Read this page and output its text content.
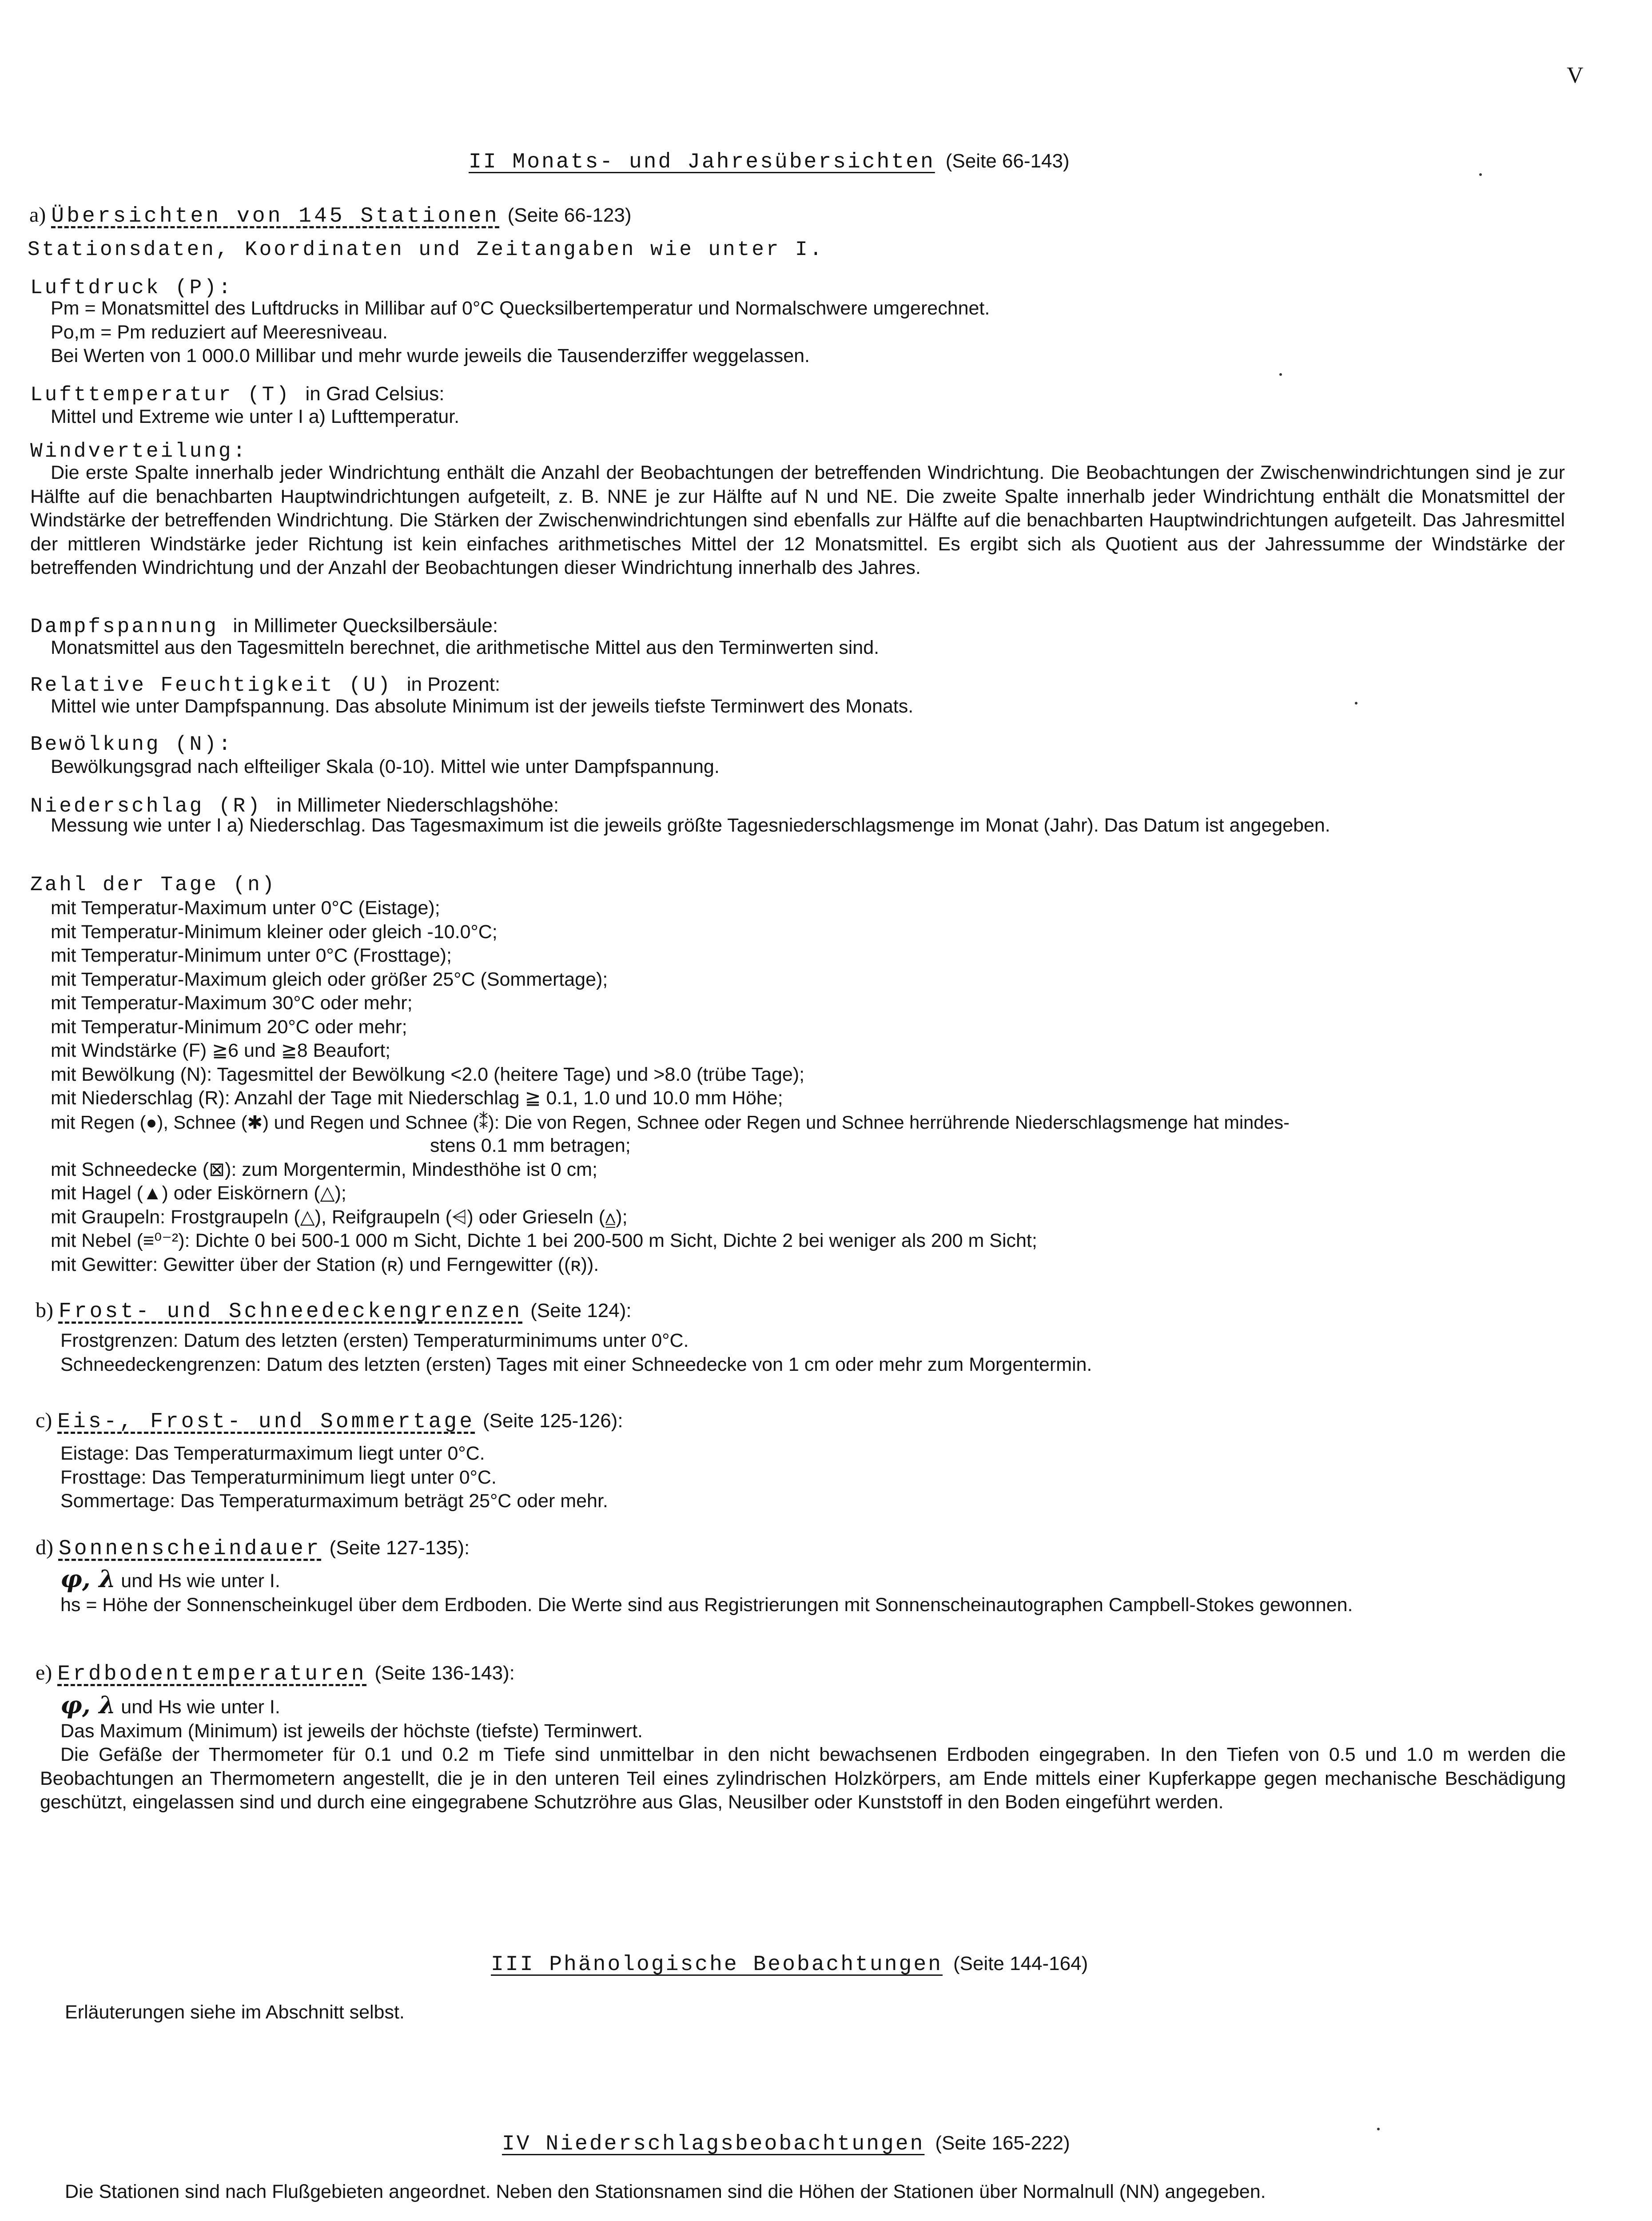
V
II Monats- und Jahresübersichten (Seite 66-143)
a) Übersichten von 145 Stationen (Seite 66-123)
Stationsdaten, Koordinaten und Zeitangaben wie unter I.
Luftdruck (P):
Pm = Monatsmittel des Luftdrucks in Millibar auf 0°C Quecksilbertemperatur und Normalschwere umgerechnet.
Po,m = Pm reduziert auf Meeresniveau.
Bei Werten von 1 000.0 Millibar und mehr wurde jeweils die Tausenderziffer weggelassen.
Lufttemperatur (T) in Grad Celsius:
Mittel und Extreme wie unter I a) Lufttemperatur.
Windverteilung:
Die erste Spalte innerhalb jeder Windrichtung enthält die Anzahl der Beobachtungen der betreffenden Windrichtung. Die Beobachtungen der Zwischenwindrichtungen sind je zur Hälfte auf die benachbarten Hauptwindrichtungen aufgeteilt, z. B. NNE je zur Hälfte auf N und NE. Die zweite Spalte innerhalb jeder Windrichtung enthält die Monatsmittel der Windstärke der betreffenden Windrichtung. Die Stärken der Zwischenwindrichtungen sind ebenfalls zur Hälfte auf die benachbarten Hauptwindrichtungen aufgeteilt. Das Jahresmittel der mittleren Windstärke jeder Richtung ist kein einfaches arithmetisches Mittel der 12 Monatsmittel. Es ergibt sich als Quotient aus der Jahressumme der Windstärke der betreffenden Windrichtung und der Anzahl der Beobachtungen dieser Windrichtung innerhalb des Jahres.
Dampfspannung in Millimeter Quecksilbersäule:
Monatsmittel aus den Tagesmitteln berechnet, die arithmetische Mittel aus den Terminwerten sind.
Relative Feuchtigkeit (U) in Prozent:
Mittel wie unter Dampfspannung. Das absolute Minimum ist der jeweils tiefste Terminwert des Monats.
Bewölkung (N):
Bewölkungsgrad nach elfteiliger Skala (0-10). Mittel wie unter Dampfspannung.
Niederschlag (R) in Millimeter Niederschlagshöhe:
Messung wie unter I a) Niederschlag. Das Tagesmaximum ist die jeweils größte Tagesniederschlagsmenge im Monat (Jahr). Das Datum ist angegeben.
Zahl der Tage (n)
mit Temperatur-Maximum unter 0°C (Eistage);
mit Temperatur-Minimum kleiner oder gleich -10.0°C;
mit Temperatur-Minimum unter 0°C (Frosttage);
mit Temperatur-Maximum gleich oder größer 25°C (Sommertage);
mit Temperatur-Maximum 30°C oder mehr;
mit Temperatur-Minimum 20°C oder mehr;
mit Windstärke (F) ≧6 und ≧8 Beaufort;
mit Bewölkung (N): Tagesmittel der Bewölkung <2.0 (heitere Tage) und >8.0 (trübe Tage);
mit Niederschlag (R): Anzahl der Tage mit Niederschlag ≧ 0.1, 1.0 und 10.0 mm Höhe;
mit Regen (●), Schnee (✱) und Regen und Schnee (⁑): Die von Regen, Schnee oder Regen und Schnee herrührende Niederschlagsmenge hat mindes-
stens 0.1 mm betragen;
mit Schneedecke (⊠): zum Morgentermin, Mindesthöhe ist 0 cm;
mit Hagel (▲) oder Eiskörnern (△);
mit Graupeln: Frostgraupeln (△), Reifgraupeln (⩤) oder Grieseln (⩠);
mit Nebel (≡⁰⁻²): Dichte 0 bei 500-1 000 m Sicht, Dichte 1 bei 200-500 m Sicht, Dichte 2 bei weniger als 200 m Sicht;
mit Gewitter: Gewitter über der Station (ʀ) und Ferngewitter ((ʀ)).
b) Frost- und Schneedeckengrenzen (Seite 124):
Frostgrenzen: Datum des letzten (ersten) Temperaturminimums unter 0°C.
Schneedeckengrenzen: Datum des letzten (ersten) Tages mit einer Schneedecke von 1 cm oder mehr zum Morgentermin.
c) Eis-, Frost- und Sommertage (Seite 125-126):
Eistage: Das Temperaturmaximum liegt unter 0°C.
Frosttage: Das Temperaturminimum liegt unter 0°C.
Sommertage: Das Temperaturmaximum beträgt 25°C oder mehr.
d) Sonnenscheindauer (Seite 127-135):
φ, λ und Hs wie unter I.
hs = Höhe der Sonnenscheinkugel über dem Erdboden. Die Werte sind aus Registrierungen mit Sonnenscheinautographen Campbell-Stokes gewonnen.
e) Erdbodentemperaturen (Seite 136-143):
φ, λ und Hs wie unter I.
Das Maximum (Minimum) ist jeweils der höchste (tiefste) Terminwert.
Die Gefäße der Thermometer für 0.1 und 0.2 m Tiefe sind unmittelbar in den nicht bewachsenen Erdboden eingegraben. In den Tiefen von 0.5 und 1.0 m werden die Beobachtungen an Thermometern angestellt, die je in den unteren Teil eines zylindrischen Holzkörpers, am Ende mittels einer Kupferkappe gegen mechanische Beschädigung geschützt, eingelassen sind und durch eine eingegrabene Schutzröhre aus Glas, Neusilber oder Kunststoff in den Boden eingeführt werden.
III Phänologische Beobachtungen (Seite 144-164)
Erläuterungen siehe im Abschnitt selbst.
IV Niederschlagsbeobachtungen (Seite 165-222)
Die Stationen sind nach Flußgebieten angeordnet. Neben den Stationsnamen sind die Höhen der Stationen über Normalnull (NN) angegeben.
